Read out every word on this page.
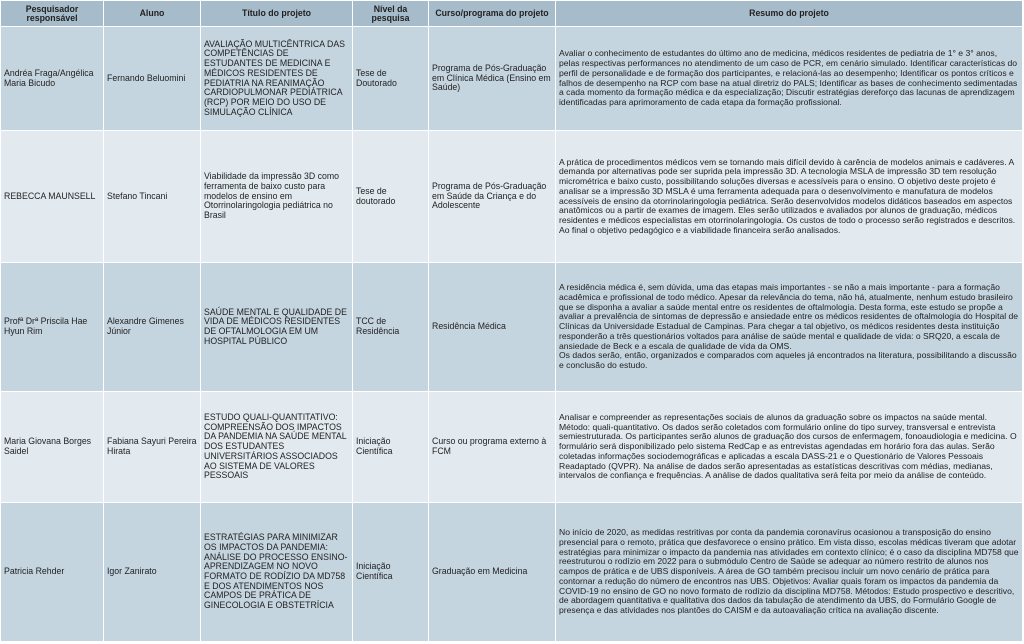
Pesquisador responsável	Aluno	Título do projeto	Nível da pesquisa	Curso/programa do projeto	Resumo do projeto
Andréa Fraga/Angélica Maria Bicudo	Fernando Beluomini	AVALIAÇÃO MULTICÊNTRICA DAS COMPETÊNCIAS DE ESTUDANTES DE MEDICINA E MÉDICOS RESIDENTES DE PEDIATRIA NA REANIMAÇÃO CARDIOPULMONAR PEDIÁTRICA (RCP) POR MEIO DO USO DE SIMULAÇÃO CLÍNICA	Tese de Doutorado	Programa de Pós-Graduação em Clínica Médica (Ensino em Saúde)	Avaliar o conhecimento de estudantes do último ano de medicina, médicos residentes de pediatria de 1° e 3° anos, pelas respectivas performances no atendimento de um caso de PCR, em cenário simulado. Identificar características do perfil de personalidade e de formação dos participantes, e relacioná-las ao desempenho; Identificar os pontos críticos e falhos de desempenho na RCP com base na atual diretriz do PALS; Identificar as bases de conhecimento sedimentadas a cada momento da formação médica e da especialização; Discutir estratégias dereforço das lacunas de aprendizagem identificadas para aprimoramento de cada etapa da formação profissional.

REBECCA MAUNSELL	Stefano Tincani	Viabilidade da impressão 3D como ferramenta de baixo custo para modelos de ensino em Otorrinolaringologia pediátrica no Brasil	Tese de doutorado	Programa de Pós-Graduação em Saúde da Criança e do Adolescente	A prática de procedimentos médicos vem se tornando mais difícil devido à carência de modelos animais e cadáveres. A demanda por alternativas pode ser suprida pela impressão 3D. A tecnologia MSLA de impressão 3D tem resolução micrométrica e baixo custo, possibilitando soluções diversas e acessíveis para o ensino. O objetivo deste projeto é analisar se a impressão 3D MSLA é uma ferramenta adequada para o desenvolvimento e manufatura de modelos acessíveis de ensino da otorrinolaringologia pediátrica. Serão desenvolvidos modelos didáticos baseados em aspectos anatômicos ou a partir de exames de imagem. Eles serão utilizados e avaliados por alunos de graduação, médicos residentes e médicos especialistas em otorrinolaringologia. Os custos de todo o processo serão registrados e descritos. Ao final o objetivo pedagógico e a viabilidade financeira serão analisados.

Profª Drª Priscila Hae Hyun Rim	Alexandre Gimenes Júnior	SAÚDE MENTAL E QUALIDADE DE VIDA DE MÉDICOS RESIDENTES DE OFTALMOLOGIA EM UM HOSPITAL PÚBLICO	TCC de Residência	Residência Médica	A residência médica é, sem dúvida, uma das etapas mais importantes - se não a mais importante - para a formação acadêmica e profissional de todo médico. Apesar da relevância do tema, não há, atualmente, nenhum estudo brasileiro que se disponha a avaliar a saúde mental entre os residentes de oftalmologia. Desta forma, este estudo se propõe a avaliar a prevalência de sintomas de depressão e ansiedade entre os médicos residentes de oftalmologia do Hospital de Clínicas da Universidade Estadual de Campinas. Para chegar a tal objetivo, os médicos residentes desta instituição responderão a três questionários voltados para análise de saúde mental e qualidade de vida: o SRQ20, a escala de ansiedade de Beck e a escala de qualidade de vida da OMS.
Os dados serão, então, organizados e comparados com aqueles já encontrados na literatura, possibilitando a discussão e conclusão do estudo.

Maria Giovana Borges Saidel	Fabiana Sayuri Pereira Hirata	ESTUDO QUALI-QUANTITATIVO: COMPREENSÃO DOS IMPACTOS DA PANDEMIA NA SAÚDE MENTAL DOS ESTUDANTES UNIVERSITÁRIOS ASSOCIADOS AO SISTEMA DE VALORES PESSOAIS	Iniciação Científica	Curso ou programa externo à FCM	Analisar e compreender as representações sociais de alunos da graduação sobre os impactos na saúde mental. Método: quali-quantitativo. Os dados serão coletados com formulário online do tipo survey, transversal e entrevista semiestruturada. Os participantes serão alunos de graduação dos cursos de enfermagem, fonoaudiologia e medicina. O formulário será disponibilizado pelo sistema RedCap e as entrevistas agendadas em horário fora das aulas. Serão coletadas informações sociodemográficas e aplicadas a escala DASS-21 e o Questionário de Valores Pessoais Readaptado (QVPR). Na análise de dados serão apresentadas as estatísticas descritivas com médias, medianas, intervalos de confiança e frequências. A análise de dados qualitativa será feita por meio da análise de conteúdo.

Patricia Rehder	Igor Zanirato	ESTRATÉGIAS PARA MINIMIZAR OS IMPACTOS DA PANDEMIA: ANÁLISE DO PROCESSO ENSINO-APRENDIZAGEM NO NOVO FORMATO DE RODÍZIO DA MD758 E DOS ATENDIMENTOS NOS CAMPOS DE PRÁTICA DE GINECOLOGIA E OBSTETRÍCIA	Iniciação Científica	Graduação em Medicina	No início de 2020, as medidas restritivas por conta da pandemia coronavírus ocasionou a transposição do ensino presencial para o remoto, prática que desfavorece o ensino prático. Em vista disso, escolas médicas tiveram que adotar estratégias para minimizar o impacto da pandemia nas atividades em contexto clínico; é o caso da disciplina MD758 que reestruturou o rodízio em 2022 para o submódulo Centro de Saúde se adequar ao número restrito de alunos nos campos de prática e de UBS disponíveis. A área de GO também precisou incluir um novo cenário de prática para contornar a redução do número de encontros nas UBS. Objetivos: Avaliar quais foram os impactos da pandemia da COVID-19 no ensino de GO no novo formato de rodízio da disciplina MD758. Métodos: Estudo prospectivo e descritivo, de abordagem quantitativa e qualitativa dos dados da tabulação de atendimento da UBS, do Formulário Google de presença e das atividades nos plantões do CAISM e da autoavaliação crítica na avaliação discente.
